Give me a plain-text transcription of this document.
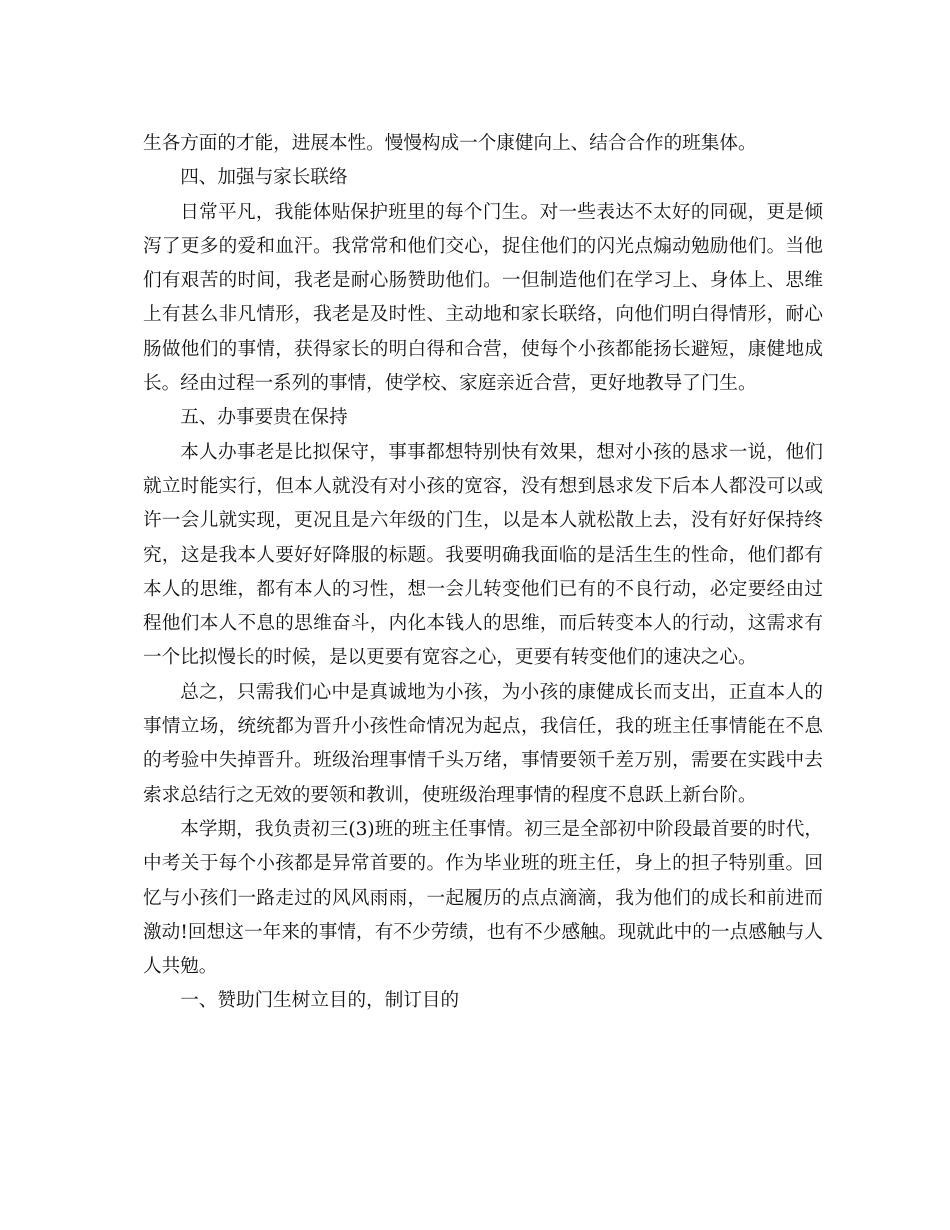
生各方面的才能，进展本性。慢慢构成一个康健向上、结合合作的班集体。

四、加强与家长联络

日常平凡，我能体贴保护班里的每个门生。对一些表达不太好的同砚，更是倾泻了更多的爱和血汗。我常常和他们交心，捉住他们的闪光点煽动勉励他们。当他们有艰苦的时间，我老是耐心肠赞助他们。一但制造他们在学习上、身体上、思维上有甚么非凡情形，我老是及时性、主动地和家长联络，向他们明白得情形，耐心肠做他们的事情，获得家长的明白得和合营，使每个小孩都能扬长避短，康健地成长。经由过程一系列的事情，使学校、家庭亲近合营，更好地教导了门生。

五、办事要贵在保持

本人办事老是比拟保守，事事都想特别快有效果，想对小孩的恳求一说，他们就立时能实行，但本人就没有对小孩的宽容，没有想到恳求发下后本人都没可以或许一会儿就实现，更况且是六年级的门生，以是本人就松散上去，没有好好保持终究，这是我本人要好好降服的标题。我要明确我面临的是活生生的性命，他们都有本人的思维，都有本人的习性，想一会儿转变他们已有的不良行动，必定要经由过程他们本人不息的思维奋斗，内化本钱人的思维，而后转变本人的行动，这需求有一个比拟慢长的时候，是以更要有宽容之心，更要有转变他们的速决之心。

总之，只需我们心中是真诚地为小孩，为小孩的康健成长而支出，正直本人的事情立场，统统都为晋升小孩性命情况为起点，我信任，我的班主任事情能在不息的考验中失掉晋升。班级治理事情千头万绪，事情要领千差万别，需要在实践中去索求总结行之无效的要领和教训，使班级治理事情的程度不息跃上新台阶。

本学期，我负责初三(3)班的班主任事情。初三是全部初中阶段最首要的时代，中考关于每个小孩都是异常首要的。作为毕业班的班主任，身上的担子特别重。回忆与小孩们一路走过的风风雨雨，一起履历的点点滴滴，我为他们的成长和前进而激动!回想这一年来的事情，有不少劳绩，也有不少感触。现就此中的一点感触与人人共勉。

一、赞助门生树立目的，制订目的
